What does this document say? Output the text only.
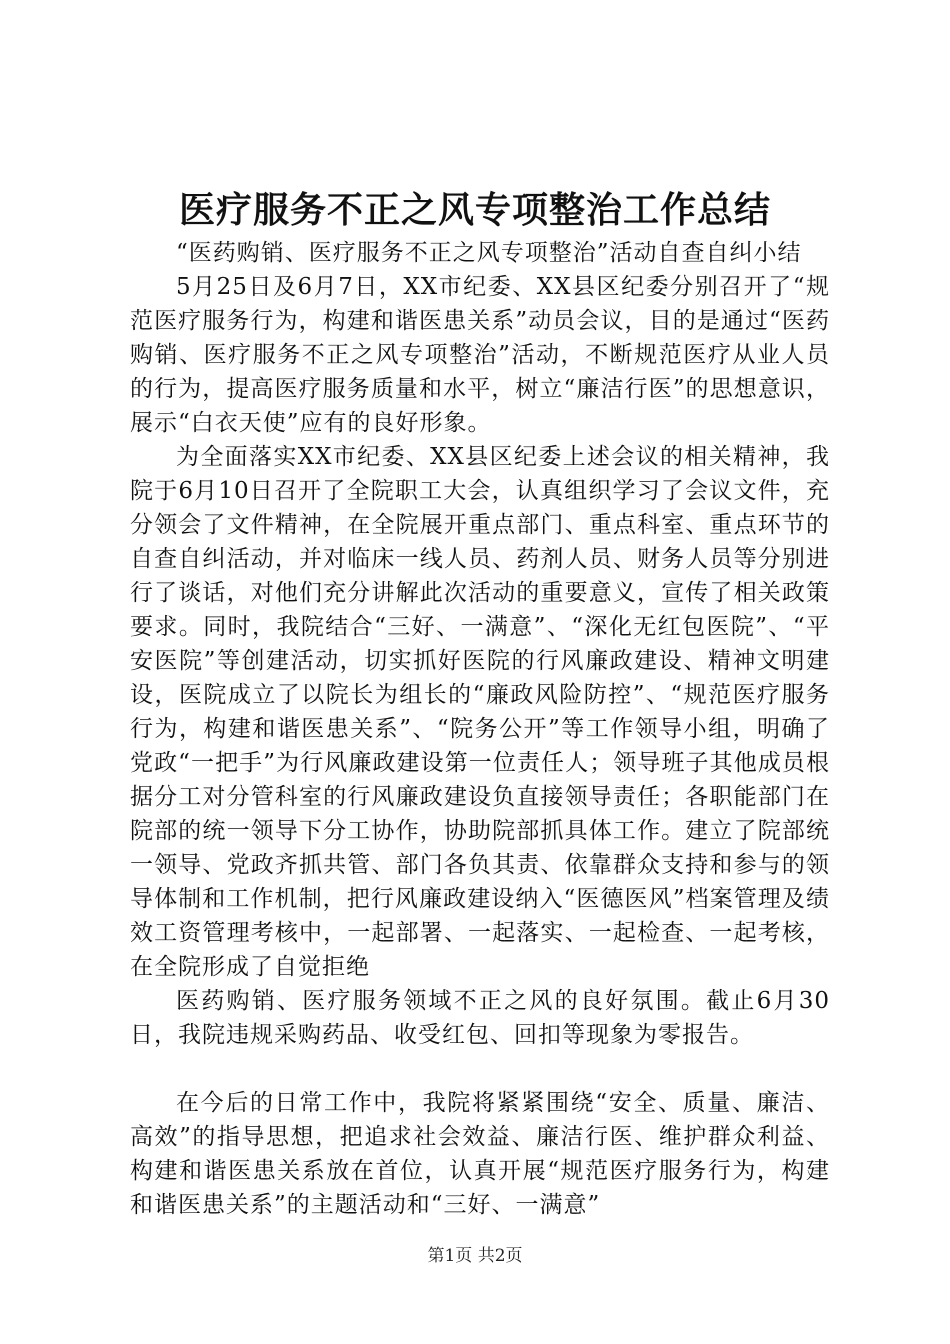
医疗服务不正之风专项整治工作总结

“医药购销、医疗服务不正之风专项整治”活动自查自纠小结

5月25日及6月7日，XX市纪委、XX县区纪委分别召开了“规范医疗服务行为，构建和谐医患关系”动员会议，目的是通过“医药购销、医疗服务不正之风专项整治”活动，不断规范医疗从业人员的行为，提高医疗服务质量和水平，树立“廉洁行医”的思想意识，展示“白衣天使”应有的良好形象。

为全面落实XX市纪委、XX县区纪委上述会议的相关精神，我院于6月10日召开了全院职工大会，认真组织学习了会议文件，充分领会了文件精神，在全院展开重点部门、重点科室、重点环节的自查自纠活动，并对临床一线人员、药剂人员、财务人员等分别进行了谈话，对他们充分讲解此次活动的重要意义，宣传了相关政策要求。同时，我院结合“三好、一满意”、“深化无红包医院”、“平安医院”等创建活动，切实抓好医院的行风廉政建设、精神文明建设，医院成立了以院长为组长的“廉政风险防控”、“规范医疗服务行为，构建和谐医患关系”、“院务公开”等工作领导小组，明确了党政“一把手”为行风廉政建设第一位责任人；领导班子其他成员根据分工对分管科室的行风廉政建设负直接领导责任；各职能部门在院部的统一领导下分工协作，协助院部抓具体工作。建立了院部统一领导、党政齐抓共管、部门各负其责、依靠群众支持和参与的领导体制和工作机制，把行风廉政建设纳入“医德医风”档案管理及绩效工资管理考核中，一起部署、一起落实、一起检查、一起考核，在全院形成了自觉拒绝

医药购销、医疗服务领域不正之风的良好氛围。截止6月30日，我院违规采购药品、收受红包、回扣等现象为零报告。

在今后的日常工作中，我院将紧紧围绕“安全、质量、廉洁、高效”的指导思想，把追求社会效益、廉洁行医、维护群众利益、构建和谐医患关系放在首位，认真开展“规范医疗服务行为，构建和谐医患关系”的主题活动和“三好、一满意”

第1页 共2页
